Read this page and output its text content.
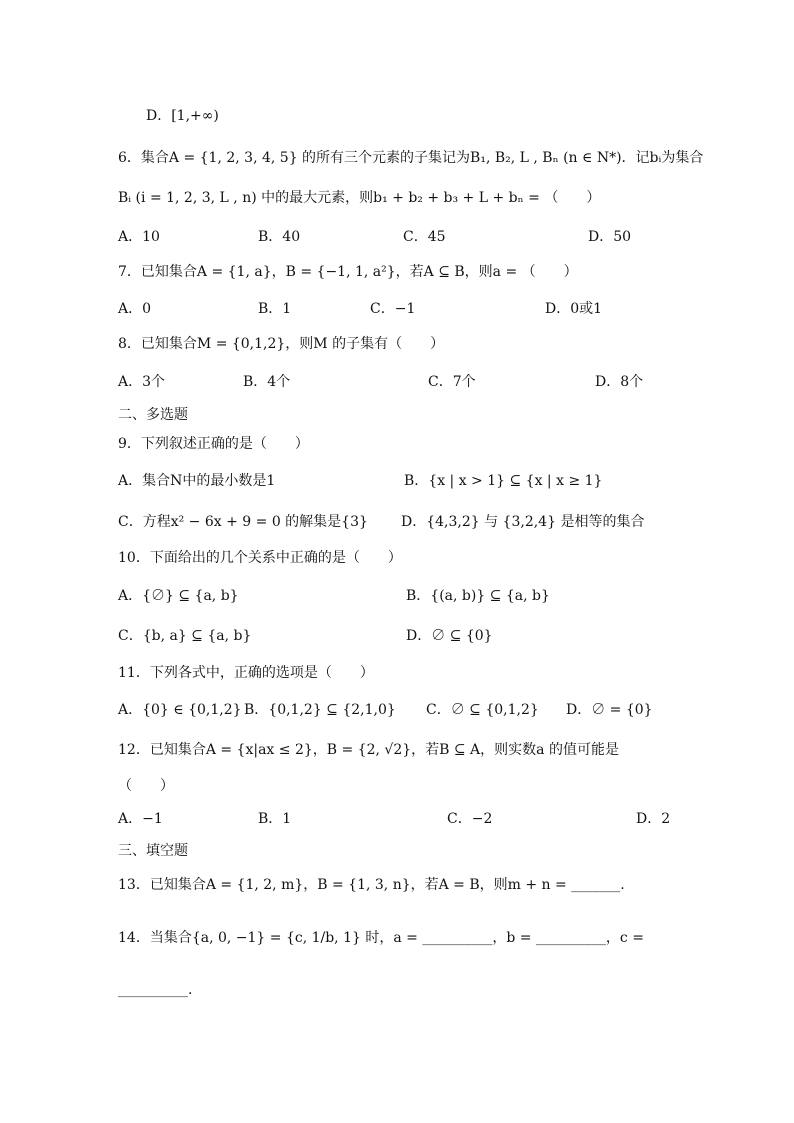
D．[1,+∞)
6．集合A = {1, 2, 3, 4, 5} 的所有三个元素的子集记为B₁, B₂, L , Bₙ (n ∈ N*)．记bᵢ为集合
Bᵢ (i = 1, 2, 3, L , n) 中的最大元素，则b₁ + b₂ + b₃ + L + bₙ = （　　）
A．10	B．40	C．45	D．50
7．已知集合A = {1, a}，B = {−1, 1, a²}，若A ⊆ B，则a = （　　）
A．0	B．1	C．−1	D．0或1
8．已知集合M = {0,1,2}，则M 的子集有（　　）
A．3个	B．4个	C．7个	D．8个
二、多选题
9．下列叙述正确的是（　　）
A．集合N中的最小数是1	B．{x | x > 1} ⊆ {x | x ≥ 1}
C．方程x² − 6x + 9 = 0 的解集是{3} D．{4,3,2} 与 {3,2,4} 是相等的集合
10．下面给出的几个关系中正确的是（　　）
A．{∅} ⊆ {a, b}	B．{(a, b)} ⊆ {a, b}
C．{b, a} ⊆ {a, b}	D．∅ ⊆ {0}
11．下列各式中，正确的选项是（　　）
A．{0} ∈ {0,1,2} B．{0,1,2} ⊆ {2,1,0} C．∅ ⊆ {0,1,2} D．∅ = {0}
12．已知集合A = {x|ax ≤ 2}，B = {2, √2}，若B ⊆ A，则实数a 的值可能是
（　　）
A．−1	B．1	C．−2	D．2
三、填空题
13．已知集合A = {1, 2, m}，B = {1, 3, n}，若A = B，则m + n = _______.
14．当集合{a, 0, −1} = {c, 1/b, 1} 时，a = __________，b = __________，c =
__________.
